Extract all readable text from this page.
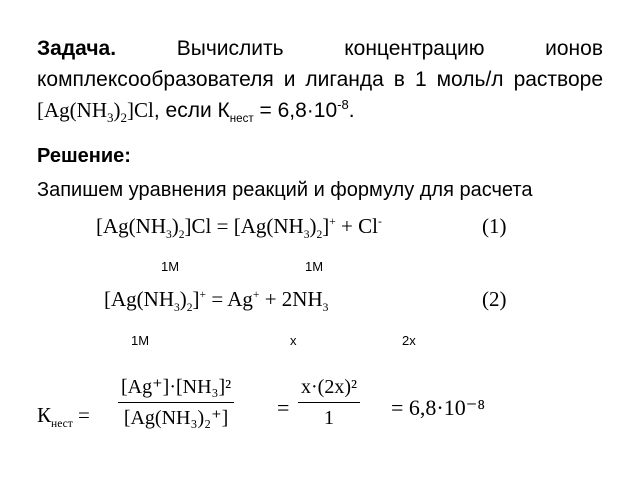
Задача.	Вычислить концентрацию ионов комплексообразователя и лиганда в 1 моль/л растворе $[Ag(NH_3)_2]Cl$, если $К_{нест} = 6,8\cdot 10^{-8}$.
Решение:
Запишем уравнения реакций и формулу для расчета
$[Ag(NH_3)_2]Cl = [Ag(NH_3)_2]^+ + Cl^-$	(1)
1M	1M
$[Ag(NH_3)_2]^+ = Ag^+ + 2NH_3$	(2)
1M	x	2x
$К_{нест}$ =
[Ag⁺]·[NH₃]²
[Ag(NH₃)₂⁺] =
x·(2x)²
1	= 6,8·10⁻⁸
